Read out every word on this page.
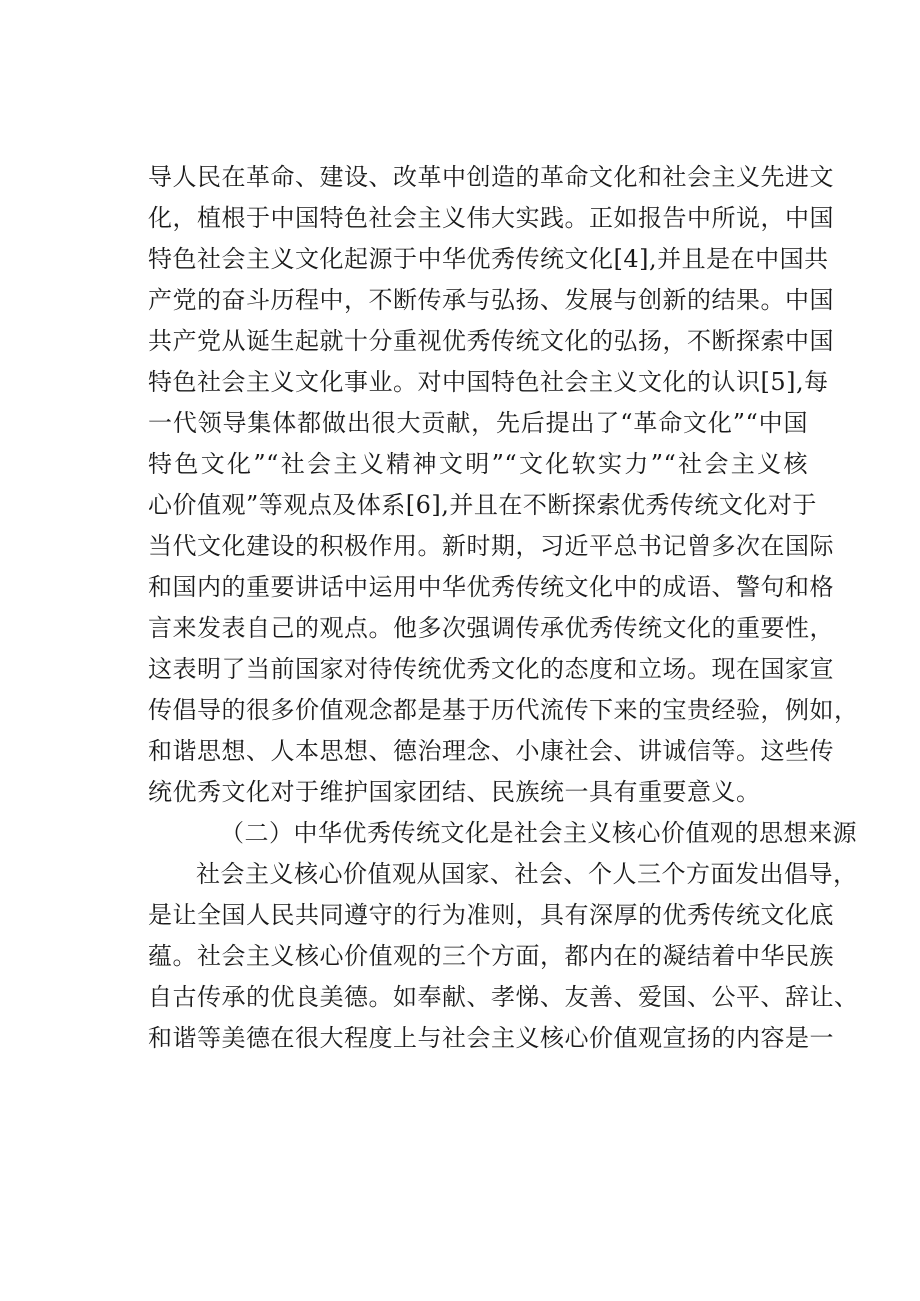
导人民在革命、建设、改革中创造的革命文化和社会主义先进文
化，植根于中国特色社会主义伟大实践。正如报告中所说，中国
特色社会主义文化起源于中华优秀传统文化[4],并且是在中国共
产党的奋斗历程中，不断传承与弘扬、发展与创新的结果。中国
共产党从诞生起就十分重视优秀传统文化的弘扬，不断探索中国
特色社会主义文化事业。对中国特色社会主义文化的认识[5],每
一代领导集体都做出很大贡献，先后提出了“革命文化”“中国
特色文化”“社会主义精神文明”“文化软实力”“社会主义核
心价值观”等观点及体系[6],并且在不断探索优秀传统文化对于
当代文化建设的积极作用。新时期，习近平总书记曾多次在国际
和国内的重要讲话中运用中华优秀传统文化中的成语、警句和格
言来发表自己的观点。他多次强调传承优秀传统文化的重要性，
这表明了当前国家对待传统优秀文化的态度和立场。现在国家宣
传倡导的很多价值观念都是基于历代流传下来的宝贵经验，例如，
和谐思想、人本思想、德治理念、小康社会、讲诚信等。这些传
统优秀文化对于维护国家团结、民族统一具有重要意义。
（二）中华优秀传统文化是社会主义核心价值观的思想来源
社会主义核心价值观从国家、社会、个人三个方面发出倡导，
是让全国人民共同遵守的行为准则，具有深厚的优秀传统文化底
蕴。社会主义核心价值观的三个方面，都内在的凝结着中华民族
自古传承的优良美德。如奉献、孝悌、友善、爱国、公平、辞让、
和谐等美德在很大程度上与社会主义核心价值观宣扬的内容是一
